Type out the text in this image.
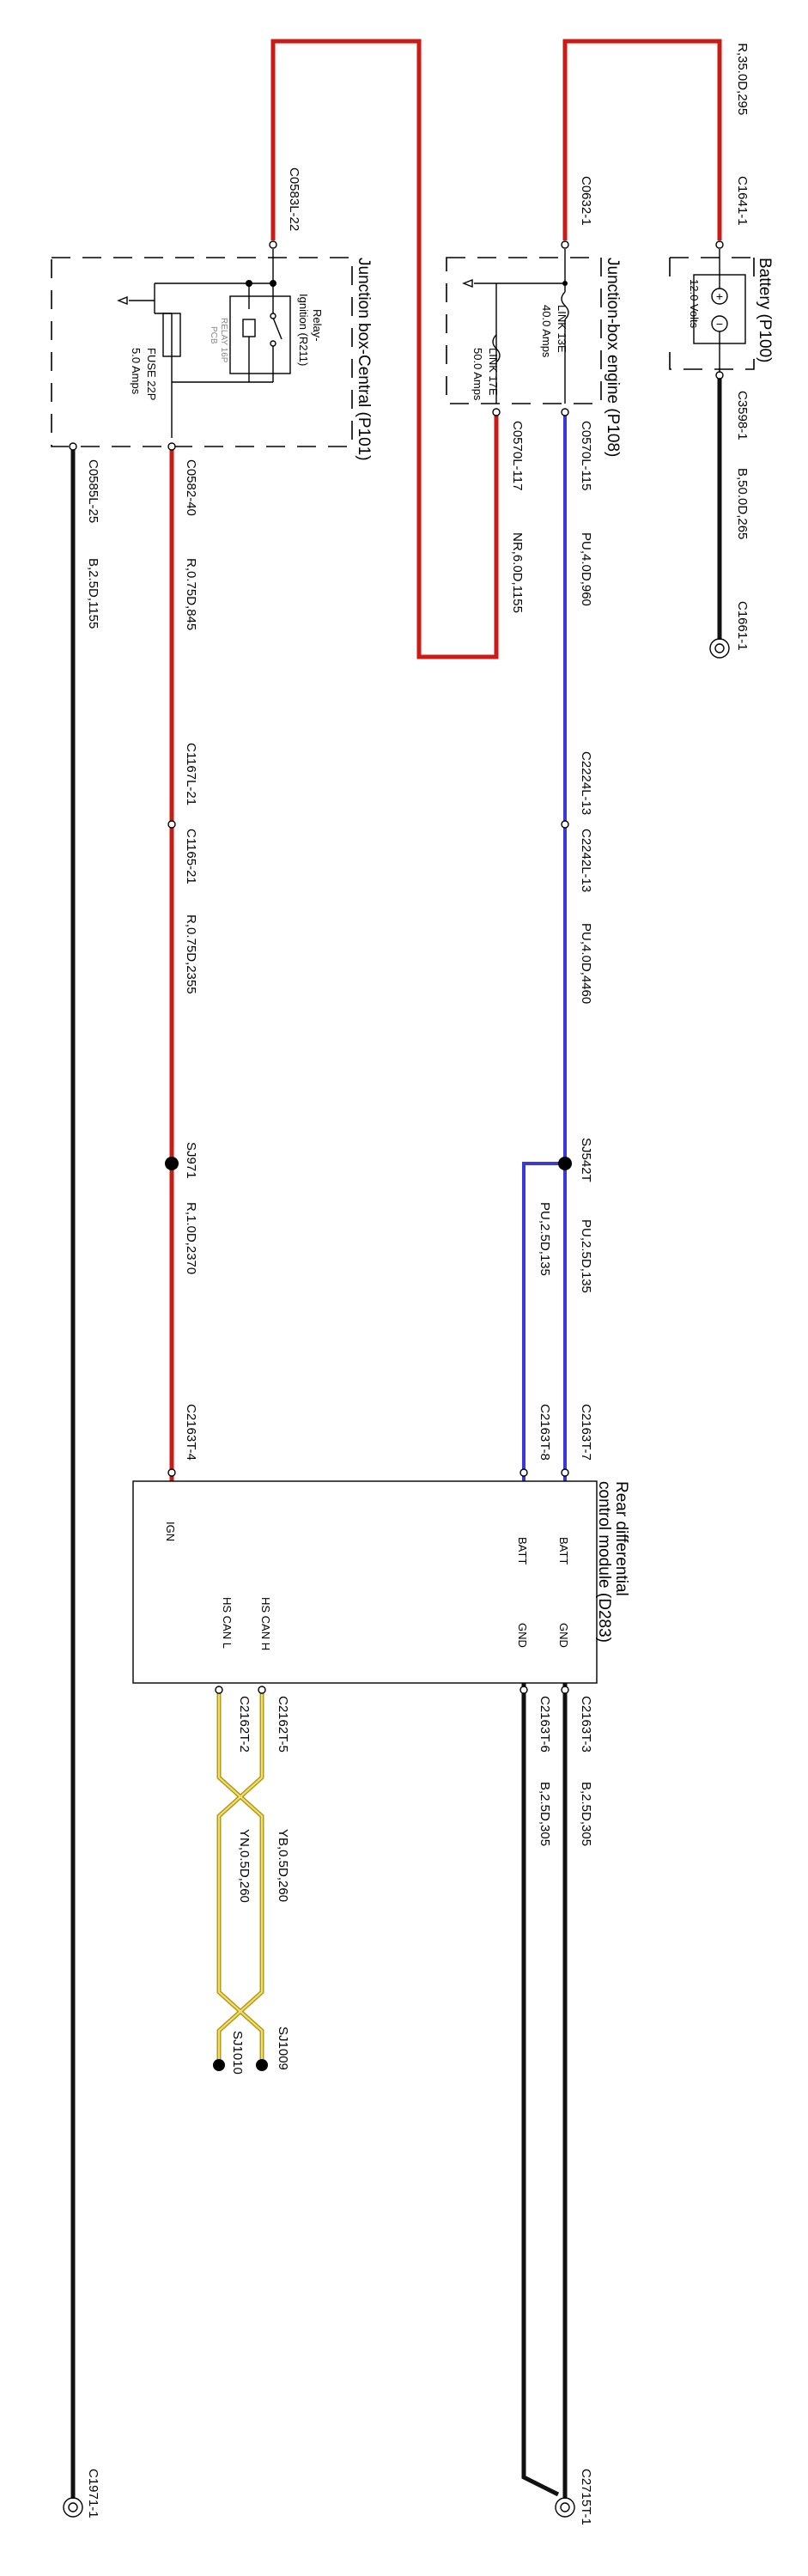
+
− Battery (P100)
12.0 Volts
Junction-box engine (P108)
LINK 13E
40.0 Amps
LINK 17E
50.0 Amps
Junction box-Central (P101)
FUSE 22P
5.0 Amps
Relay-
Ignition (R211)
RELAY 16P
PCB
Rear differential
control module (D283)
BATT
BATT
GND
GND
IGN
HS CAN H
HS CAN L
C1641-1
C3598-1
C1661-1
C0632-1
C0570L-115
C0570L-117
C0583L-22
C0582-40
C0585L-25
C2224L-13
C2242L-13
C1167L-21
C1165-21
SJ542T
SJ971
C2163T-7
C2163T-8
C2163T-4
C2163T-3
C2163T-6
C2162T-5
C2162T-2
SJ1009
SJ1010
C2715T-1
C1971-1
R,35.0D,295
B,50.0D,265
PU,4.0D,960
NR,6.0D,1155
R,0.75D,845
B,2.5D,1155
PU,4.0D,4460
R,0.75D,2355
PU,2.5D,135
PU,2.5D,135
R,1.0D,2370
B,2.5D,305
B,2.5D,305
YB,0.5D,260
YN,0.5D,260
